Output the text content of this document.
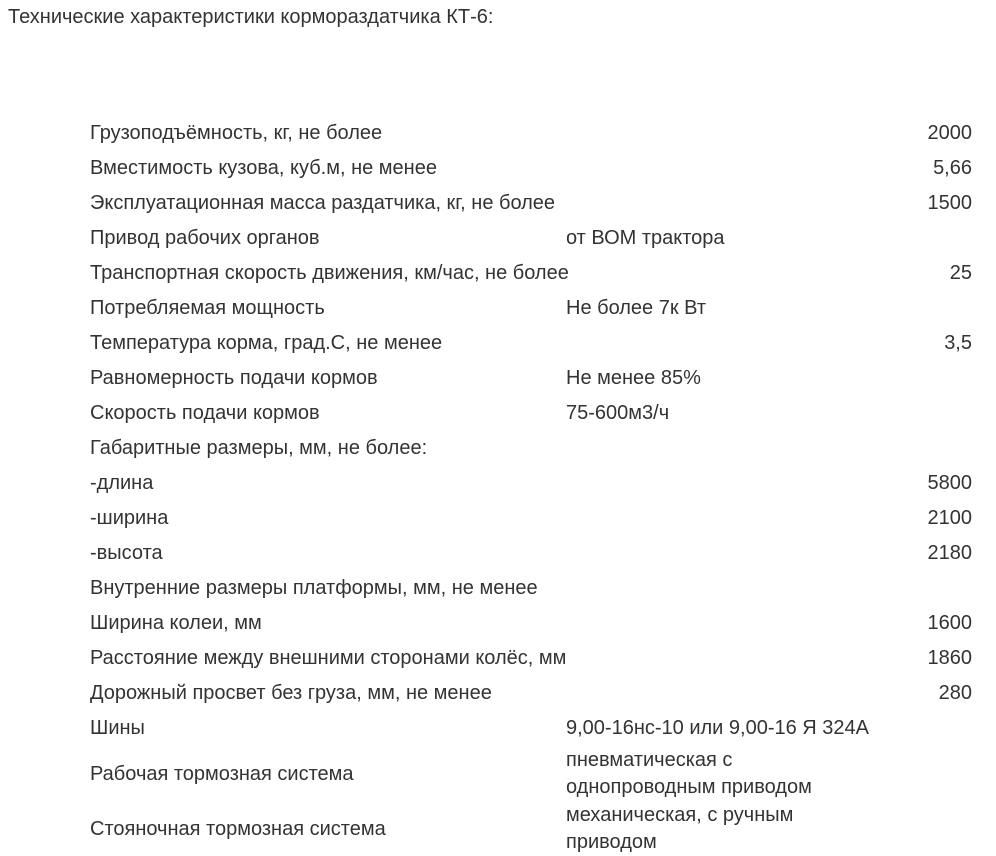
Технические характеристики кормораздатчика КТ-6:
Грузоподъёмность, кг, не более		2000
Вместимость кузова, куб.м, не менее		5,66
Эксплуатационная масса раздатчика, кг, не более		1500
Привод рабочих органов	от ВОМ трактора	
Транспортная скорость движения, км/час, не более		25
Потребляемая мощность	Не более 7к Вт	
Температура корма, град.С, не менее		3,5
Равномерность подачи кормов	Не менее 85%	
Скорость подачи кормов	75-600м3/ч	
Габаритные размеры, мм, не более:		
-длина		5800
-ширина		2100
-высота		2180
Внутренние размеры платформы, мм, не менее		
Ширина колеи, мм		1600
Расстояние между внешними сторонами колёс, мм		1860
Дорожный просвет без груза, мм, не менее		280
Шины	9,00-16нс-10 или 9,00-16 Я 324А	
Рабочая тормозная система	пневматическая с однопроводным приводом	
Стояночная тормозная система	механическая, с ручным приводом	
